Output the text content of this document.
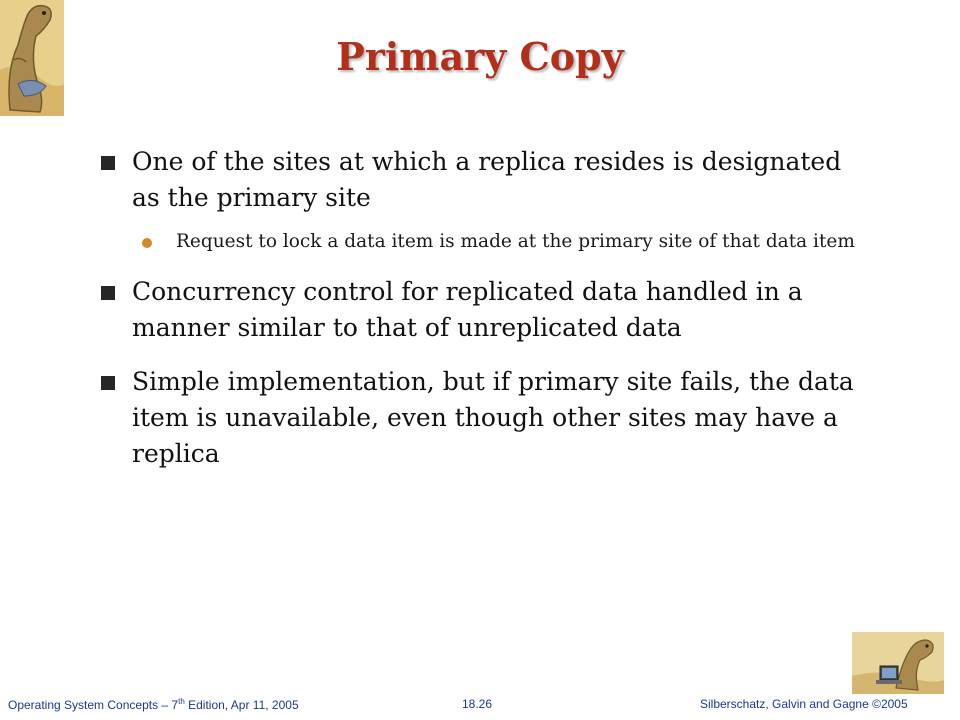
Primary Copy
One of the sites at which a replica resides is designated as the primary site
Request to lock a data item is made at the primary site of that data item
Concurrency control for replicated data handled in a manner similar to that of unreplicated data
Simple implementation, but if primary site fails, the data item is unavailable, even though other sites may have a replica
Operating System Concepts – 7th Edition, Apr 11, 2005	18.26	Silberschatz, Galvin and Gagne ©2005
